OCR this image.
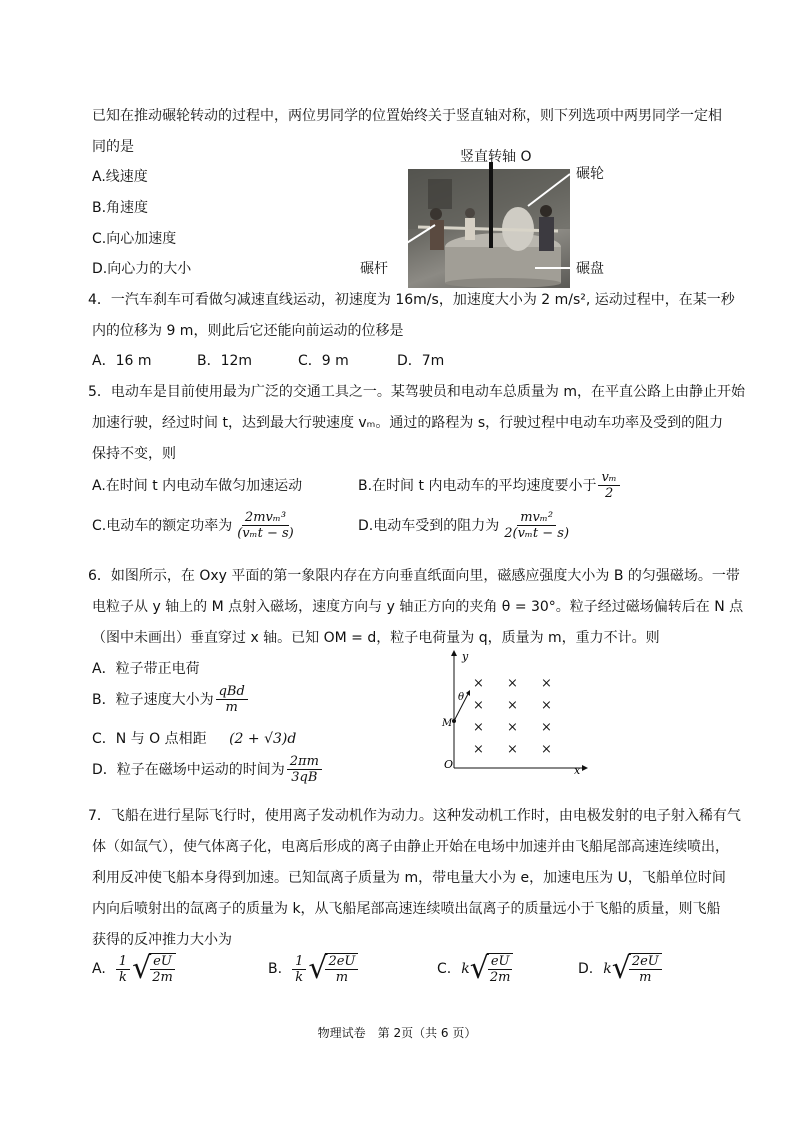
已知在推动碾轮转动的过程中，两位男同学的位置始终关于竖直轴对称，则下列选项中两男同学一定相
同的是
A.线速度
B.角速度
C.向心加速度
D.向心力的大小
竖直转轴 O
碾轮
碾杆	碾盘
4．一汽车刹车可看做匀减速直线运动，初速度为 16m/s，加速度大小为 2 m/s², 运动过程中，在某一秒
内的位移为 9 m，则此后它还能向前运动的位移是
A．16 m	B．12m	C．9 m	D．7m
5．电动车是目前使用最为广泛的交通工具之一。某驾驶员和电动车总质量为 m，在平直公路上由静止开始
加速行驶，经过时间 t，达到最大行驶速度 vₘ。通过的路程为 s，行驶过程中电动车功率及受到的阻力
保持不变，则
A.在时间 t 内电动车做匀加速运动	B.在时间 t 内电动车的平均速度要小于 $\frac{\text{vₘ}}{2}$
C.电动车的额定功率为 $\frac{\text{2mvₘ³}}{\text{(vₘt − s)}}$	D.电动车受到的阻力为 $\frac{\text{mvₘ²}}{\text{2(vₘt − s)}}$
6．如图所示，在 Oxy 平面的第一象限内存在方向垂直纸面向里，磁感应强度大小为 B 的匀强磁场。一带
电粒子从 y 轴上的 M 点射入磁场，速度方向与 y 轴正方向的夹角 θ = 30°。粒子经过磁场偏转后在 N 点
（图中未画出）垂直穿过 x 轴。已知 OM = d，粒子电荷量为 q，质量为 m，重力不计。则
A．粒子带正电荷
B．粒子速度大小为 $\frac{\text{qBd}}{m}$
C．N 与 O 点相距 (2 + √3)d
D．粒子在磁场中运动的时间为 $\frac{2\pi m}{3qB}$
y
x
O
M
θ
× × ×
× × ×
× × ×
× × ×
7．飞船在进行星际飞行时，使用离子发动机作为动力。这种发动机工作时，由电极发射的电子射入稀有气
体（如氙气），使气体离子化，电离后形成的离子由静止开始在电场中加速并由飞船尾部高速连续喷出，
利用反冲使飞船本身得到加速。已知氙离子质量为 m，带电量大小为 e，加速电压为 U，飞船单位时间
内向后喷射出的氙离子的质量为 k，从飞船尾部高速连续喷出氙离子的质量远小于飞船的质量，则飞船
获得的反冲推力大小为
A. $\frac{1}{k}$ √
$\frac{eU}{2m}$	B. $\frac{1}{k}$ √
$\frac{2eU}{m}$	C. k √
$\frac{eU}{2m}$	D. k √
$\frac{2eU}{m}$
物理试卷　第 2页（共 6 页）
